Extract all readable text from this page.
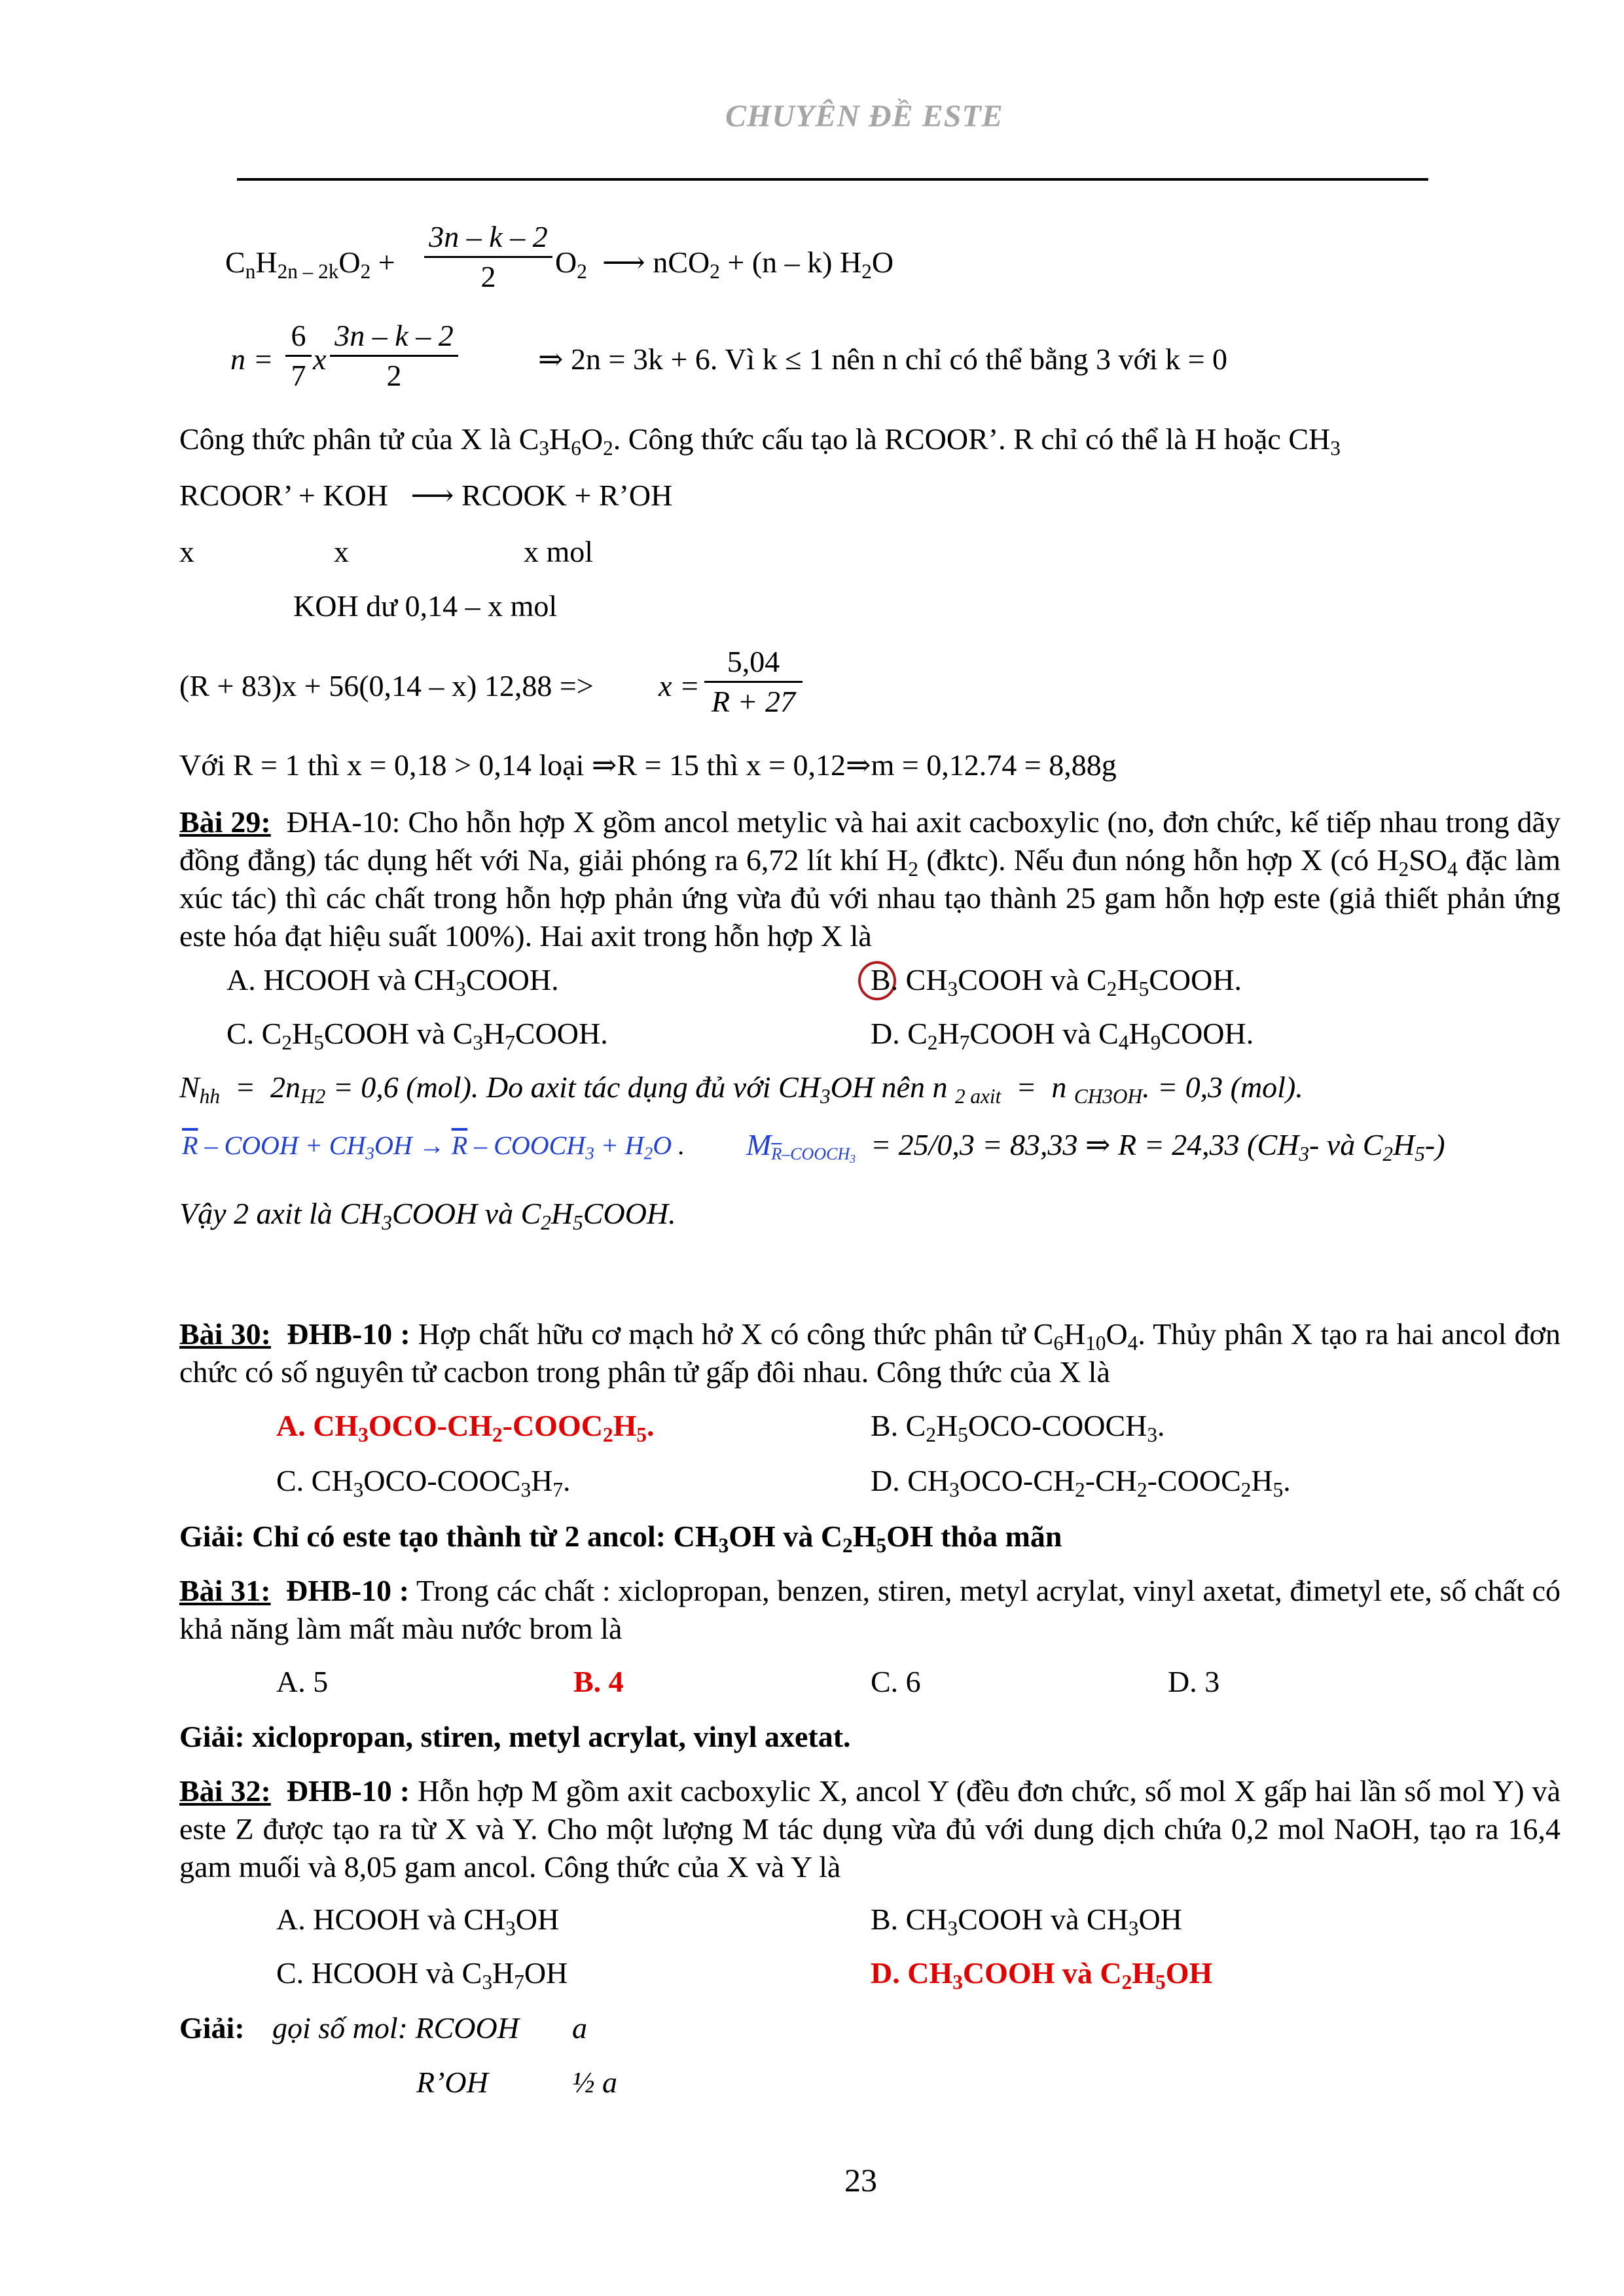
CHUYÊN ĐỀ ESTE
$C_nH_{2n - 2k}O_2$ +
3n – k – 2
2	$O_2$  ⟶ nCO$_2$ + (n – k) $H_2O$
n =
6
7 x
3n – k – 2
2	⇒ 2n = 3k + 6. Vì k ≤ 1 nên n chỉ có thể bằng 3 với k = 0
Công thức phân tử của X là $C_3H_6O_2$. Công thức cấu tạo là RCOOR’. R chỉ có thể là H hoặc $CH_3$
RCOOR’ + KOH   ⟶ RCOOK + R’OH
x	x	x mol
KOH dư 0,14 – x mol
(R + 83)x + 56(0,14 – x) 12,88 => x =
5,04
R + 27
Với R = 1 thì x = 0,18 > 0,14 loại ⇒R = 15 thì x = 0,12⇒m = 0,12.74 = 8,88g
Bài 29:  ĐHA-10: Cho hỗn hợp X gồm ancol metylic và hai axit cacboxylic (no, đơn chức, kế tiếp nhau trong dãy đồng đẳng) tác dụng hết với Na, giải phóng ra 6,72 lít khí $H_2$ (đktc). Nếu đun nóng hỗn hợp X (có $H_2SO_4$ đặc làm xúc tác) thì các chất trong hỗn hợp phản ứng vừa đủ với nhau tạo thành 25 gam hỗn hợp este (giả thiết phản ứng este hóa đạt hiệu suất 100%). Hai axit trong hỗn hợp X là
A. HCOOH và $CH_3COOH$.	B. $CH_3COOH$ và $C_2H_5COOH$.
C. $C_2H_5COOH$ và $C_3H_7COOH$.	D. $C_2H_7COOH$ và $C_4H_9COOH$.
$N_{hh} = 2n_{H2} = 0,6$ (mol). Do axit tác dụng đủ với $CH_3OH$ nên n $_{2 axit}$  =  n $_{CH3OH}$. = 0,3 (mol).
$\overline{R}$ – COOH + $CH_3OH \to \overline{R}$ – $COOCH_3 + H_2O$ . $M_{\overline{R}-COOCH_3} = 25/0,3 = 83,33$ ⇒ R = 24,33 ($CH_3-$ và $C_2H_5-$)
Vậy 2 axit là $CH_3COOH$ và $C_2H_5COOH$.
Bài 30: ĐHB-10 : Hợp chất hữu cơ mạch hở X có công thức phân tử $C_6H_{10}O_4$. Thủy phân X tạo ra hai ancol đơn chức có số nguyên tử cacbon trong phân tử gấp đôi nhau. Công thức của X là
A. $CH_3OCO-CH_2-COOC_2H_5$.	B. $C_2H_5OCO-COOCH_3$.
C. $CH_3OCO-COOC_3H_7$.	D. $CH_3OCO-CH_2-CH_2-COOC_2H_5$.
Giải: Chỉ có este tạo thành từ 2 ancol: $CH_3OH$ và $C_2H_5OH$ thỏa mãn
Bài 31: ĐHB-10 : Trong các chất : xiclopropan, benzen, stiren, metyl acrylat, vinyl axetat, đimetyl ete, số chất có khả năng làm mất màu nước brom là
A. 5	B. 4	C. 6	D. 3
Giải: xiclopropan, stiren, metyl acrylat, vinyl axetat.
Bài 32: ĐHB-10 : Hỗn hợp M gồm axit cacboxylic X, ancol Y (đều đơn chức, số mol X gấp hai lần số mol Y) và este Z được tạo ra từ X và Y. Cho một lượng M tác dụng vừa đủ với dung dịch chứa 0,2 mol NaOH, tạo ra 16,4 gam muối và 8,05 gam ancol. Công thức của X và Y là
A. HCOOH và $CH_3OH$	B. $CH_3COOH$ và $CH_3OH$
C. HCOOH và $C_3H_7OH$	D. $CH_3COOH$ và $C_2H_5OH$
Giải: gọi số mol: RCOOH a
R’OH	½ a
23
